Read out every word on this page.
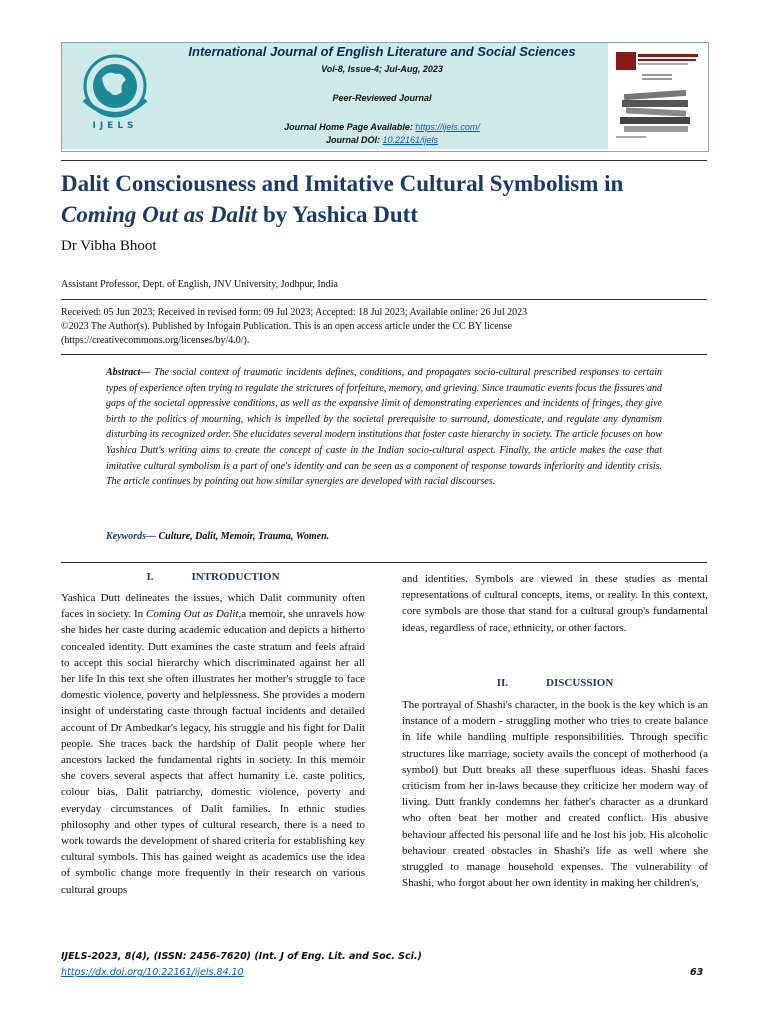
IJELS
International Journal of English Literature and Social Sciences
Vol-8, Issue-4; Jul-Aug, 2023
Peer-Reviewed Journal
Journal Home Page Available: https://ijels.com/
Journal DOI: 10.22161/ijels
Dalit Consciousness and Imitative Cultural Symbolism in
Coming Out as Dalit by Yashica Dutt
Dr Vibha Bhoot
Assistant Professor, Dept. of English, JNV University, Jodhpur, India
Received: 05 Jun 2023; Received in revised form: 09 Jul 2023; Accepted: 18 Jul 2023; Available online: 26 Jul 2023
©2023 The Author(s). Published by Infogain Publication. This is an open access article under the CC BY license
(https://creativecommons.org/licenses/by/4.0/).
Abstract— The social context of traumatic incidents defines, conditions, and propagates socio-cultural prescribed responses to certain types of experience often trying to regulate the strictures of forfeiture, memory, and grieving. Since traumatic events focus the fissures and gaps of the societal oppressive conditions, as well as the expansive limit of demonstrating experiences and incidents of fringes, they give birth to the politics of mourning, which is impelled by the societal prerequisite to surround, domesticate, and regulate any dynamism disturbing its recognized order. She elucidates several modern institutions that foster caste hierarchy in society. The article focuses on how Yashica Dutt's writing aims to create the concept of caste in the Indian socio-cultural aspect. Finally, the article makes the case that imitative cultural symbolism is a part of one's identity and can be seen as a component of response towards inferiority and identity crisis. The article continues by pointing out how similar synergies are developed with racial discourses.
Keywords— Culture, Dalit, Memoir, Trauma, Women.

I.	INTRODUCTION

Yashica Dutt delineates the issues, which Dalit community often faces in society. In Coming Out as Dalit,a memoir, she unravels how she hides her caste during academic education and depicts a hitherto concealed identity. Dutt examines the caste stratum and feels afraid to accept this social hierarchy which discriminated against her all her life In this text she often illustrates her mother's struggle to face domestic violence, poverty and helplessness. She provides a modern insight of understating caste through factual incidents and detailed account of Dr Ambedkar's legacy, his struggle and his fight for Dalit people. She traces back the hardship of Dalit people where her ancestors lacked the fundamental rights in society. In this memoir she covers several aspects that affect humanity i.e. caste politics, colour bias, Dalit patriarchy, domestic violence, poverty and everyday circumstances of Dalit families. In ethnic studies philosophy and other types of cultural research, there is a need to work towards the development of shared criteria for establishing key cultural symbols. This has gained weight as academics use the idea of symbolic change more frequently in their research on various cultural groups
and identities. Symbols are viewed in these studies as mental representations of cultural concepts, items, or reality. In this context, core symbols are those that stand for a cultural group's fundamental ideas, regardless of race, ethnicity, or other factors.

II.	DISCUSSION

The portrayal of Shashi's character, in the book is the key which is an instance of a modern - struggling mother who tries to create balance in life while handling multiple responsibilities. Through specific structures like marriage, society avails the concept of motherhood (a symbol) but Dutt breaks all these superfluous ideas. Shashi faces criticism from her in-laws because they criticize her modern way of living. Dutt frankly condemns her father's character as a drunkard who often beat her mother and created conflict. His abusive behaviour affected his personal life and he lost his job. His alcoholic behaviour created obstacles in Shashi's life as well where she struggled to manage household expenses. The vulnerability of Shashi, who forgot about her own identity in making her children's,
IJELS-2023, 8(4), (ISSN: 2456-7620) (Int. J of Eng. Lit. and Soc. Sci.)
https://dx.doi.org/10.22161/ijels.84.10	63
